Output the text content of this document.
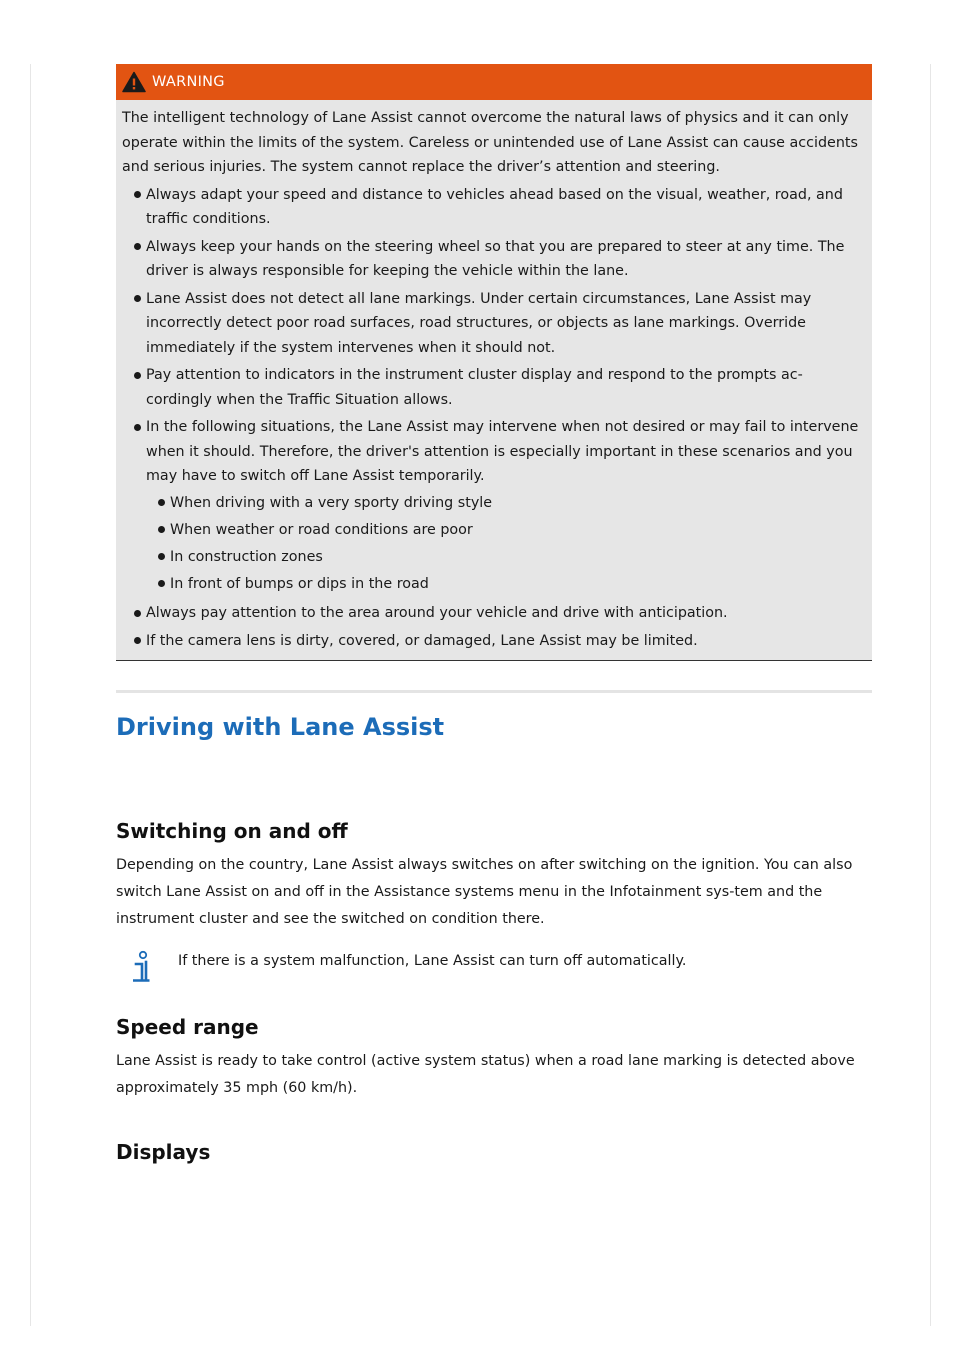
WARNING

The intelligent technology of Lane Assist cannot overcome the natural laws of physics and it can only operate within the limits of the system. Careless or unintended use of Lane Assist can cause accidents and serious injuries. The system cannot replace the driver’s attention and steering.

Always adapt your speed and distance to vehicles ahead based on the visual, weather, road, and traffic conditions.
Always keep your hands on the steering wheel so that you are prepared to steer at any time. The driver is always responsible for keeping the vehicle within the lane.
Lane Assist does not detect all lane markings. Under certain circumstances, Lane Assist may incorrectly detect poor road surfaces, road structures, or objects as lane markings. Override immediately if the system intervenes when it should not.
Pay attention to indicators in the instrument cluster display and respond to the prompts ac-cordingly when the Traffic Situation allows.
In the following situations, the Lane Assist may intervene when not desired or may fail to intervene when it should. Therefore, the driver's attention is especially important in these scenarios and you may have to switch off Lane Assist temporarily.
When driving with a very sporty driving style
When weather or road conditions are poor
In construction zones
In front of bumps or dips in the road
Always pay attention to the area around your vehicle and drive with anticipation.
If the camera lens is dirty, covered, or damaged, Lane Assist may be limited.
Driving with Lane Assist
Switching on and off

Depending on the country, Lane Assist always switches on after switching on the ignition. You can also switch Lane Assist on and off in the Assistance systems menu in the Infotainment sys-tem and the instrument cluster and see the switched on condition there.

If there is a system malfunction, Lane Assist can turn off automatically.
Speed range

Lane Assist is ready to take control (active system status) when a road lane marking is detected above approximately 35 mph (60 km/h).

Displays
